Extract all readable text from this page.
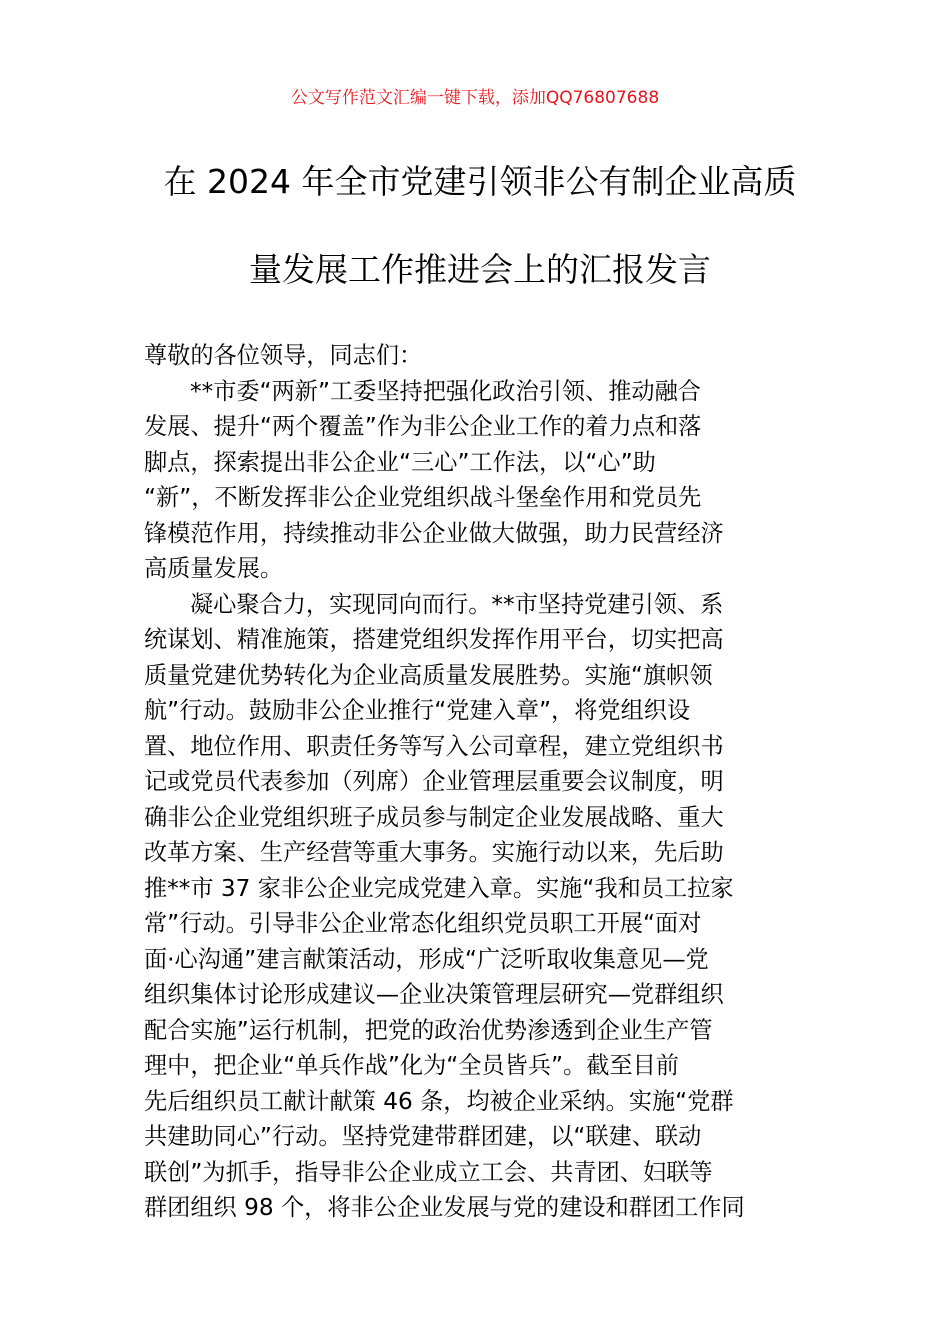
公文写作范文汇编一键下载，添加QQ76807688
在 2024 年全市党建引领非公有制企业高质
量发展工作推进会上的汇报发言
尊敬的各位领导，同志们：
**市委“两新”工委坚持把强化政治引领、推动融合
发展、提升“两个覆盖”作为非公企业工作的着力点和落
脚点，探索提出非公企业“三心”工作法，以“心”助
“新”，不断发挥非公企业党组织战斗堡垒作用和党员先
锋模范作用，持续推动非公企业做大做强，助力民营经济
高质量发展。
凝心聚合力，实现同向而行。**市坚持党建引领、系
统谋划、精准施策，搭建党组织发挥作用平台，切实把高
质量党建优势转化为企业高质量发展胜势。实施“旗帜领
航”行动。鼓励非公企业推行“党建入章”，将党组织设
置、地位作用、职责任务等写入公司章程，建立党组织书
记或党员代表参加（列席）企业管理层重要会议制度，明
确非公企业党组织班子成员参与制定企业发展战略、重大
改革方案、生产经营等重大事务。实施行动以来，先后助
推**市 37 家非公企业完成党建入章。实施“我和员工拉家
常”行动。引导非公企业常态化组织党员职工开展“面对
面·心沟通”建言献策活动，形成“广泛听取收集意见—党
组织集体讨论形成建议—企业决策管理层研究—党群组织
配合实施”运行机制，把党的政治优势渗透到企业生产管
理中，把企业“单兵作战”化为“全员皆兵”。截至目前
先后组织员工献计献策 46 条，均被企业采纳。实施“党群
共建助同心”行动。坚持党建带群团建，以“联建、联动
联创”为抓手，指导非公企业成立工会、共青团、妇联等
群团组织 98 个，将非公企业发展与党的建设和群团工作同
